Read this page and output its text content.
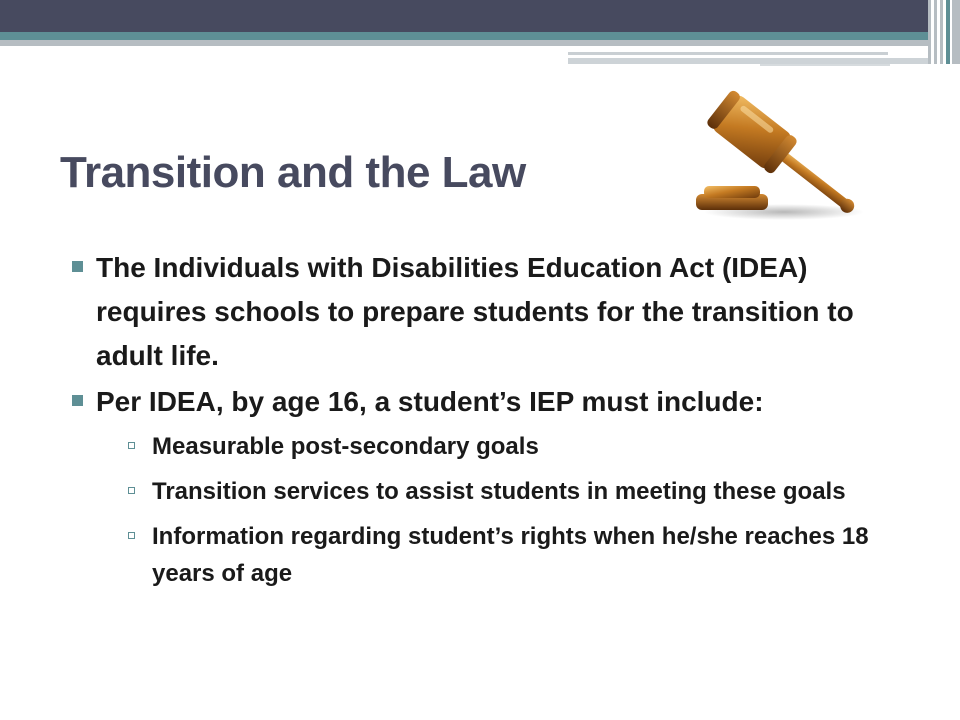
Transition and the Law
The Individuals with Disabilities Education Act (IDEA) requires schools to prepare students for the transition to adult life.
Per IDEA, by age 16, a student’s IEP must include:
Measurable post-secondary goals
Transition services to assist students in meeting these goals
Information regarding student’s rights when he/she reaches 18 years of age
